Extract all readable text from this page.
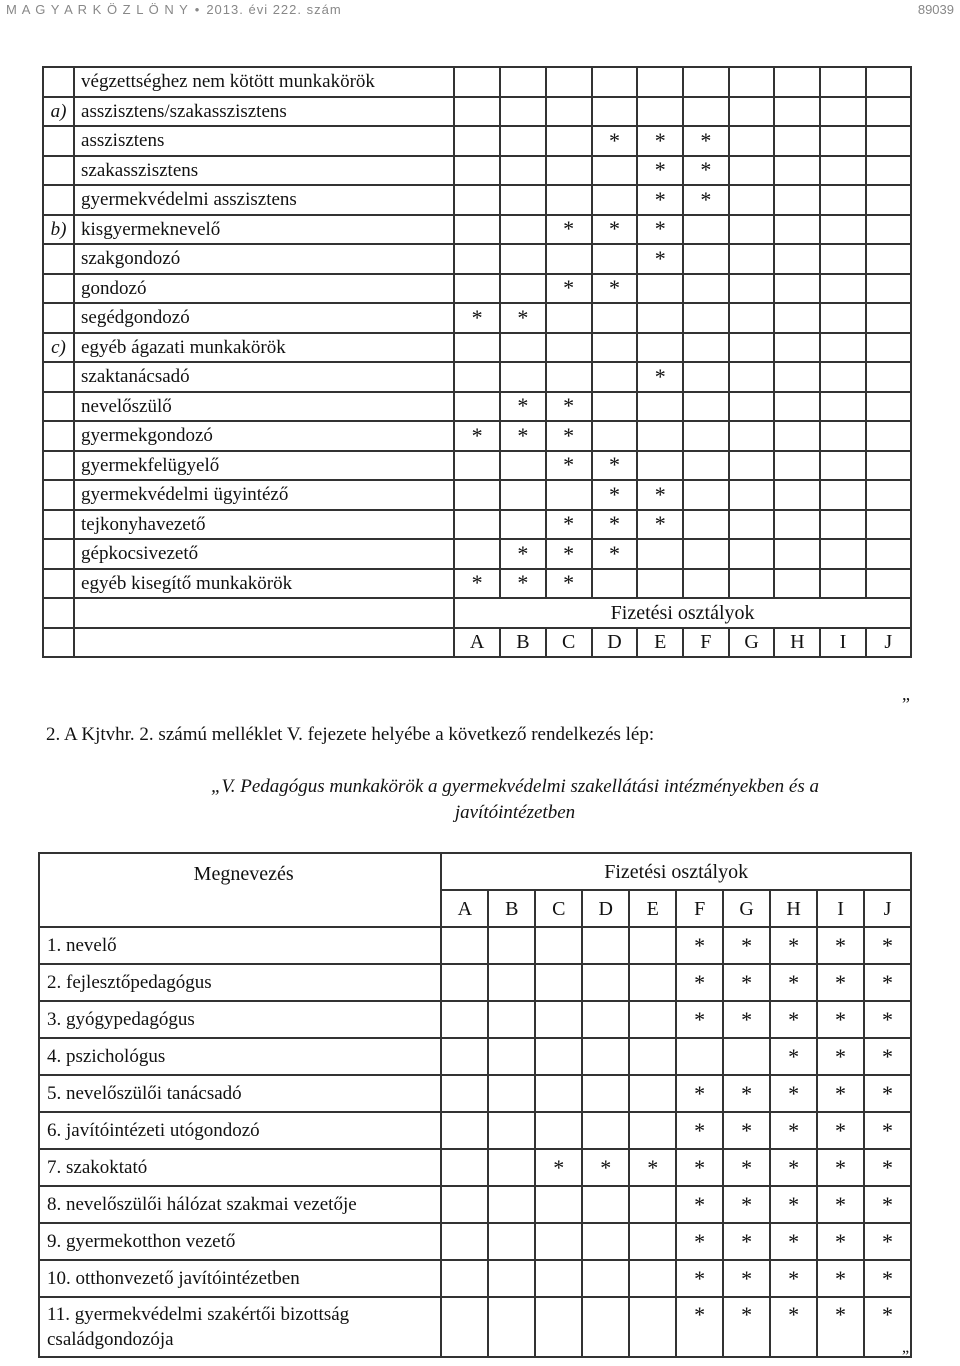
M A G Y A R K Ö Z L Ö N Y • 2013. évi 222. szám	89039
	végzettséghez nem kötött munkakörök										
a)	asszisztens/szakasszisztens										
	asszisztens				*	*	*				
	szakasszisztens					*	*				
	gyermekvédelmi asszisztens					*	*				
b)	kisgyermeknevelő			*	*	*					
	szakgondozó					*					
	gondozó			*	*						
	segédgondozó	*	*								
c)	egyéb ágazati munkakörök										
	szaktanácsadó					*					
	nevelőszülő		*	*							
	gyermekgondozó	*	*	*							
	gyermekfelügyelő			*	*						
	gyermekvédelmi ügyintéző				*	*					
	tejkonyhavezető			*	*	*					
	gépkocsivezető		*	*	*						
	egyéb kisegítő munkakörök	*	*	*							
		Fizetési osztályok									
		A	B	C	D	E	F	G	H	I	J
”
2. A Kjtvhr. 2. számú melléklet V. fejezete helyébe a következő rendelkezés lép:
„V. Pedagógus munkakörök a gyermekvédelmi szakellátási intézményekben és a javítóintézetben
Megnevezés	Fizetési osztályok									
	A	B	C	D	E	F	G	H	I	J
1. nevelő						*	*	*	*	*
2. fejlesztőpedagógus						*	*	*	*	*
3. gyógypedagógus						*	*	*	*	*
4. pszichológus								*	*	*
5. nevelőszülői tanácsadó						*	*	*	*	*
6. javítóintézeti utógondozó						*	*	*	*	*
7. szakoktató			*	*	*	*	*	*	*	*
8. nevelőszülői hálózat szakmai vezetője						*	*	*	*	*
9. gyermekotthon vezető						*	*	*	*	*
10. otthonvezető javítóintézetben						*	*	*	*	*
11. gyermekvédelmi szakértői bizottság családgondozója						*	*	*	*	*
”
